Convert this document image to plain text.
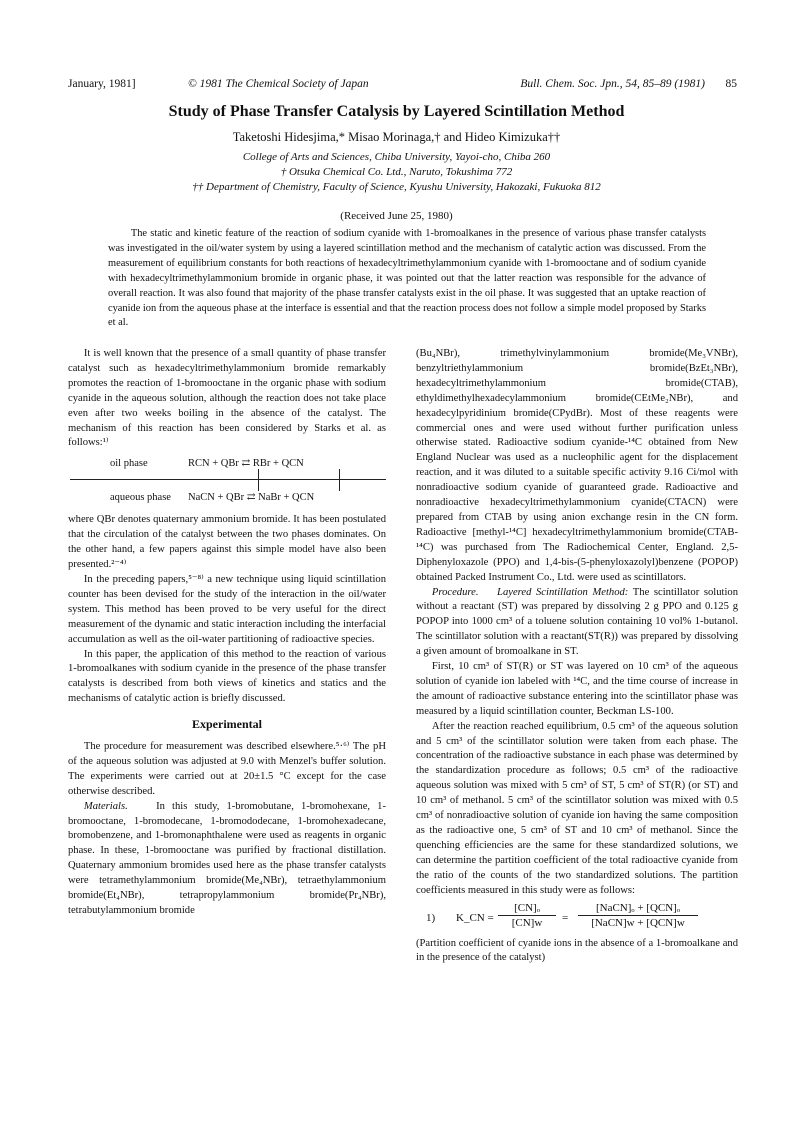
January, 1981]	© 1981 The Chemical Society of Japan	Bull. Chem. Soc. Jpn., 54, 85–89 (1981) 85
Study of Phase Transfer Catalysis by Layered Scintillation Method
Taketoshi Hidesjima,* Misao Morinaga,† and Hideo Kimizuka††
College of Arts and Sciences, Chiba University, Yayoi-cho, Chiba 260
† Otsuka Chemical Co. Ltd., Naruto, Tokushima 772
†† Department of Chemistry, Faculty of Science, Kyushu University, Hakozaki, Fukuoka 812
(Received June 25, 1980)
The static and kinetic feature of the reaction of sodium cyanide with 1-bromoalkanes in the presence of various phase transfer catalysts was investigated in the oil/water system by using a layered scintillation method and the mechanism of catalytic action was discussed. From the measurement of equilibrium constants for both reactions of hexadecyltrimethylammonium cyanide with 1-bromooctane and of sodium cyanide with hexadecyltrimethylammonium bromide in organic phase, it was pointed out that the latter reaction was responsible for the advance of overall reaction. It was also found that majority of the phase transfer catalysts exist in the oil phase. It was suggested that an uptake reaction of cyanide ion from the aqueous phase at the interface is essential and that the reaction process does not follow a simple model proposed by Starks et al.

It is well known that the presence of a small quantity of phase transfer catalyst such as hexadecyltrimethylammonium bromide remarkably promotes the reaction of 1-bromooctane in the organic phase with sodium cyanide in the aqueous solution, although the reaction does not take place even after two weeks boiling in the absence of the catalyst. The mechanism of this reaction has been considered by Starks et al. as follows:¹⁾

oil phase	RCN + QBr ⇄ RBr + QCN
aqueous phase NaCN + QBr ⇄ NaBr + QCN

where QBr denotes quaternary ammonium bromide. It has been postulated that the circulation of the catalyst between the two phases dominates. On the other hand, a few papers against this simple model have also been presented.²⁻⁴⁾

In the preceding papers,⁵⁻⁸⁾ a new technique using liquid scintillation counter has been devised for the study of the interaction in the oil/water system. This method has been proved to be very useful for the direct measurement of the dynamic and static interaction including the interfacial accumulation as well as the oil-water partitioning of radioactive species.

In this paper, the application of this method to the reaction of various 1-bromoalkanes with sodium cyanide in the presence of the phase transfer catalysts is described from both views of kinetics and statics and the mechanisms of catalytic action is briefly discussed.

Experimental

The procedure for measurement was described elsewhere.⁵⋅⁶⁾ The pH of the aqueous solution was adjusted at 9.0 with Menzel's buffer solution. The experiments were carried out at 20±1.5 °C except for the case otherwise described.

Materials.	In this study, 1-bromobutane, 1-bromohexane, 1-bromooctane, 1-bromodecane, 1-bromododecane, 1-bromohexadecane, bromobenzene, and 1-bromonaphthalene were used as reagents in organic phase. In these, 1-bromooctane was purified by fractional distillation. Quaternary ammonium bromides used here as the phase transfer catalysts were tetramethylammonium bromide(Me₄NBr), tetraethylammonium bromide(Et₄NBr), tetrapropylammonium bromide(Pr₄NBr), tetrabutylammonium bromide

(Bu₄NBr), trimethylvinylammonium bromide(Me₃VNBr), benzyltriethylammonium bromide(BzEt₃NBr), hexadecyltrimethylammonium bromide(CTAB), ethyldimethylhexadecylammonium bromide(CEtMe₂NBr), and hexadecylpyridinium bromide(CPydBr). Most of these reagents were commercial ones and were used without further purification unless otherwise stated. Radioactive sodium cyanide-¹⁴C obtained from New England Nuclear was used as a nucleophilic agent for the displacement reaction, and it was diluted to a suitable specific activity 9.16 Ci/mol with nonradioactive sodium cyanide of guaranteed grade. Radioactive and nonradioactive hexadecyltrimethylammonium cyanide(CTACN) were prepared from CTAB by using anion exchange resin in the CN form. Radioactive [methyl-¹⁴C] hexadecyltrimethylammonium bromide(CTAB-¹⁴C) was purchased from The Radiochemical Center, England. 2,5-Diphenyloxazole (PPO) and 1,4-bis-(5-phenyloxazolyl)benzene (POPOP) obtained Packed Instrument Co., Ltd. were used as scintillators.

Procedure. Layered Scintillation Method: The scintillator solution without a reactant (ST) was prepared by dissolving 2 g PPO and 0.125 g POPOP into 1000 cm³ of a toluene solution containing 10 vol% 1-butanol. The scintillator solution with a reactant(ST(R)) was prepared by dissolving a given amount of bromoalkane in ST.

First, 10 cm³ of ST(R) or ST was layered on 10 cm³ of the aqueous solution of cyanide ion labeled with ¹⁴C, and the time course of increase in the amount of radioactive substance entering into the scintillator phase was measured by a liquid scintillation counter, Beckman LS-100.

After the reaction reached equilibrium, 0.5 cm³ of the aqueous solution and 5 cm³ of the scintillator solution were taken from each phase. The concentration of the radioactive substance in each phase was determined by the standardization procedure as follows; 0.5 cm³ of the radioactive aqueous solution was mixed with 5 cm³ of ST, 5 cm³ of ST(R) (or ST) and 10 cm³ of methanol. 5 cm³ of the scintillator solution was mixed with 0.5 cm³ of nonradioactive solution of cyanide ion having the same composition as the radioactive one, 5 cm³ of ST and 10 cm³ of methanol. Since the quenching efficiencies are the same for these standardized solutions, we can determine the partition coefficient of the total radioactive cyanide from the ratio of the counts of the two standardized solutions. The partition coefficients measured in this study were as follows:

1) K_CN = $\frac{\text{[CN]ₒ}}{[CN]w}$ =
[NaCN]ₒ + [QCN]ₒ
[NaCN]w + [QCN]w

(Partition coefficient of cyanide ions in the absence of a 1-bromoalkane and in the presence of the catalyst)
